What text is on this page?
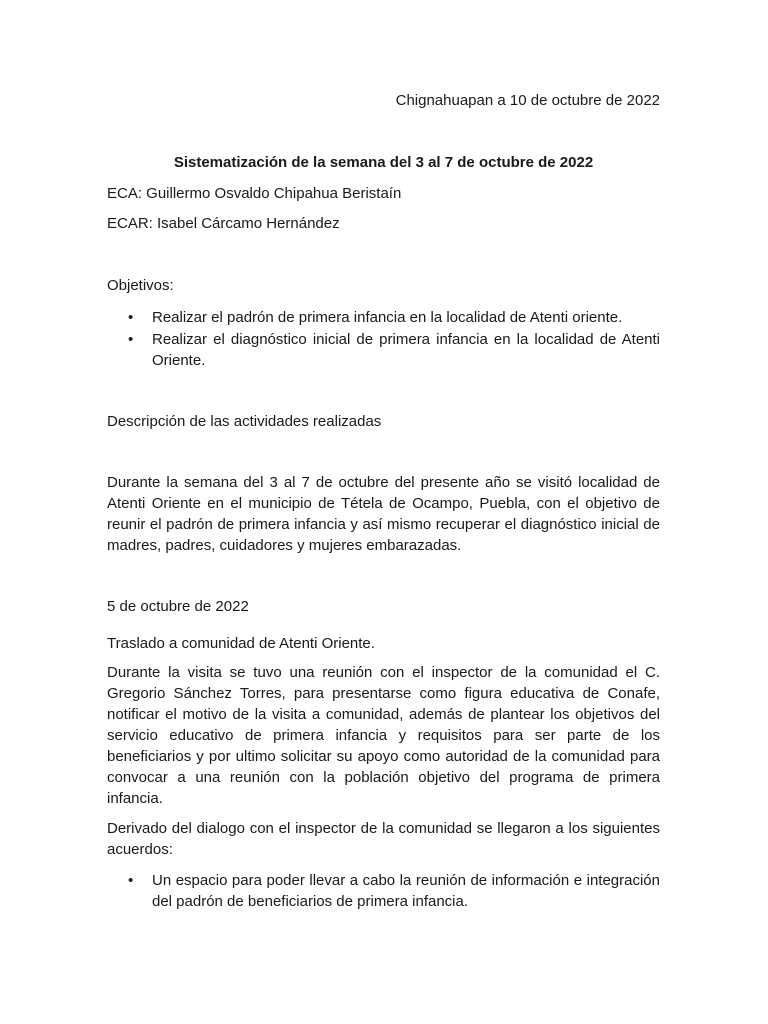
Chignahuapan a 10 de octubre de 2022

Sistematización de la semana del 3 al 7 de octubre de 2022

ECA: Guillermo Osvaldo Chipahua Beristaín

ECAR: Isabel Cárcamo Hernández

Objetivos:

•	Realizar el padrón de primera infancia en la localidad de Atenti oriente.
•	Realizar el diagnóstico inicial de primera infancia en la localidad de Atenti Oriente.

Descripción de las actividades realizadas

Durante la semana del 3 al 7 de octubre del presente año se visitó localidad de Atenti Oriente en el municipio de Tétela de Ocampo, Puebla, con el objetivo de reunir el padrón de primera infancia y así mismo recuperar el diagnóstico inicial de madres, padres, cuidadores y mujeres embarazadas.

5 de octubre de 2022

Traslado a comunidad de Atenti Oriente.

Durante la visita se tuvo una reunión con el inspector de la comunidad el C. Gregorio Sánchez Torres, para presentarse como figura educativa de Conafe, notificar el motivo de la visita a comunidad, además de plantear los objetivos del servicio educativo de primera infancia y requisitos para ser parte de los beneficiarios y por ultimo solicitar su apoyo como autoridad de la comunidad para convocar a una reunión con la población objetivo del programa de primera infancia.

Derivado del dialogo con el inspector de la comunidad se llegaron a los siguientes acuerdos:

•	Un espacio para poder llevar a cabo la reunión de información e integración del padrón de beneficiarios de primera infancia.
